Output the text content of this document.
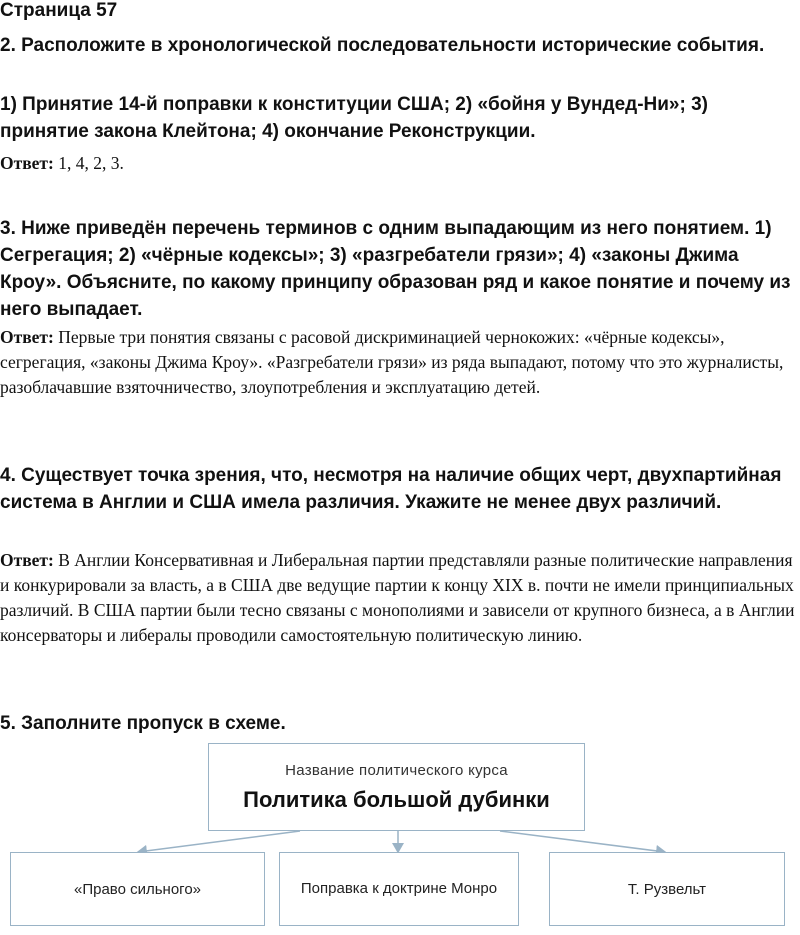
Страница 57
2. Расположите в хронологической последовательности исторические события.
1) Принятие 14-й поправки к конституции США; 2) «бойня у Вундед-Ни»; 3) принятие закона Клейтона; 4) окончание Реконструкции.
Ответ: 1, 4, 2, 3.
3. Ниже приведён перечень терминов с одним выпадающим из него понятием. 1) Сегрегация; 2) «чёрные кодексы»; 3) «разгребатели грязи»; 4) «законы Джима Кроу». Объясните, по какому принципу образован ряд и какое понятие и почему из него выпадает.
Ответ: Первые три понятия связаны с расовой дискриминацией чернокожих: «чёрные кодексы», сегрегация, «законы Джима Кроу». «Разгребатели грязи» из ряда выпадают, потому что это журналисты, разоблачавшие взяточничество, злоупотребления и эксплуатацию детей.
4. Существует точка зрения, что, несмотря на наличие общих черт, двухпартийная система в Англии и США имела различия. Укажите не менее двух различий.
Ответ: В Англии Консервативная и Либеральная партии представляли разные политические направления и конкурировали за власть, а в США две ведущие партии к концу XIX в. почти не имели принципиальных различий. В США партии были тесно связаны с монополиями и зависели от крупного бизнеса, а в Англии консерваторы и либералы проводили самостоятельную политическую линию.
5. Заполните пропуск в схеме.
Название политического курса
Политика большой дубинки
«Право сильного»	Поправка к доктрине Монро	Т. Рузвельт
